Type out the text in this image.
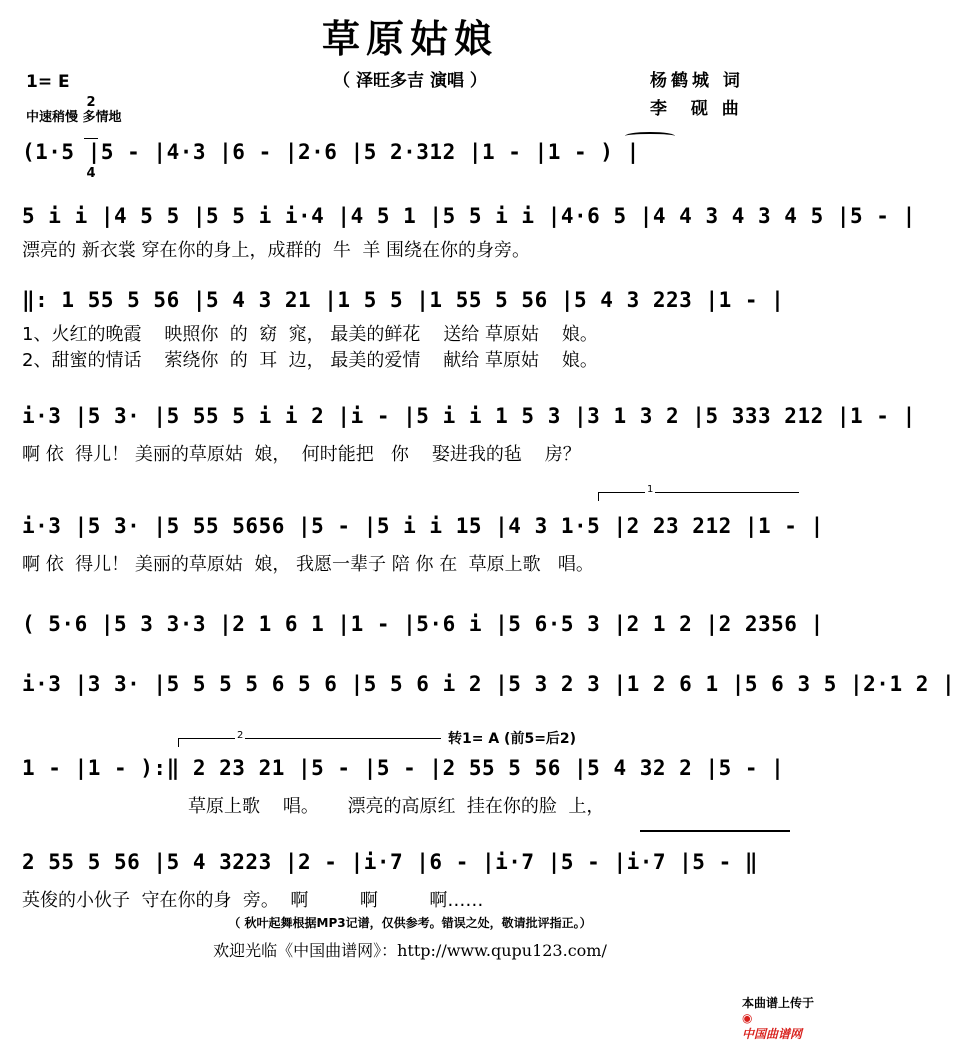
草原姑娘
（ 泽旺多吉 演唱 ）	杨鹤城 词
李  砚 曲
1= E

2

4

中速稍慢 多情地
(1·5 |5 - |4·3 |6 - |2·6 |5 2·312 |1 - |1 - ) |
5 i i |4 5 5 |5 5 i i·4 |4 5 1 |5 5 i i |4·6 5 |4 4 3 4 3 4 5 |5 - |
漂亮的 新衣裳 穿在你的身上，成群的  牛  羊 围绕在你的身旁。
‖: 1 55 5 56 |5 4 3 21 |1 5 5 |1 55 5 56 |5 4 3 223 |1 - |
1、火红的晚霞    映照你  的  窈  窕， 最美的鲜花    送给 草原姑    娘。
2、甜蜜的情话    萦绕你  的  耳  边， 最美的爱情    献给 草原姑    娘。
i·3 |5 3· |5 55 5 i i 2 |i - |5 i i 1 5 3 |3 1 3 2 |5 333 212 |1 - |
啊 依  得儿！ 美丽的草原姑  娘，  何时能把   你    娶进我的毡    房？
1
i·3 |5 3· |5 55 5656 |5 - |5 i i 15 |4 3 1·5 |2 23 212 |1 - |
啊 依  得儿！ 美丽的草原姑  娘， 我愿一辈子 陪 你 在  草原上歌   唱。
( 5·6 |5 3 3·3 |2 1 6 1 |1 - |5·6 i |5 6·5 3 |2 1 2 |2 2356 |
i·3 |3 3· |5 5 5 5 6 5 6 |5 5 6 i 2 |5 3 2 3 |1 2 6 1 |5 6 3 5 |2·1 2 |
2	转1= A (前5=后2)
1 - |1 - ):‖ 2 23 21 |5 - |5 - |2 55 5 56 |5 4 32 2 |5 - |
草原上歌    唱。     漂亮的高原红  挂在你的脸  上，
2 55 5 56 |5 4 3223 |2 - |i·7 |6 - |i·7 |5 - |i·7 |5 - ‖
英俊的小伙子  守在你的身  旁。  啊         啊         啊……
（ 秋叶起舞根据MP3记谱，仅供参考。错误之处，敬请批评指正。）
欢迎光临《中国曲谱网》：http://www.qupu123.com/

本曲谱上传于
◉
中国曲谱网
